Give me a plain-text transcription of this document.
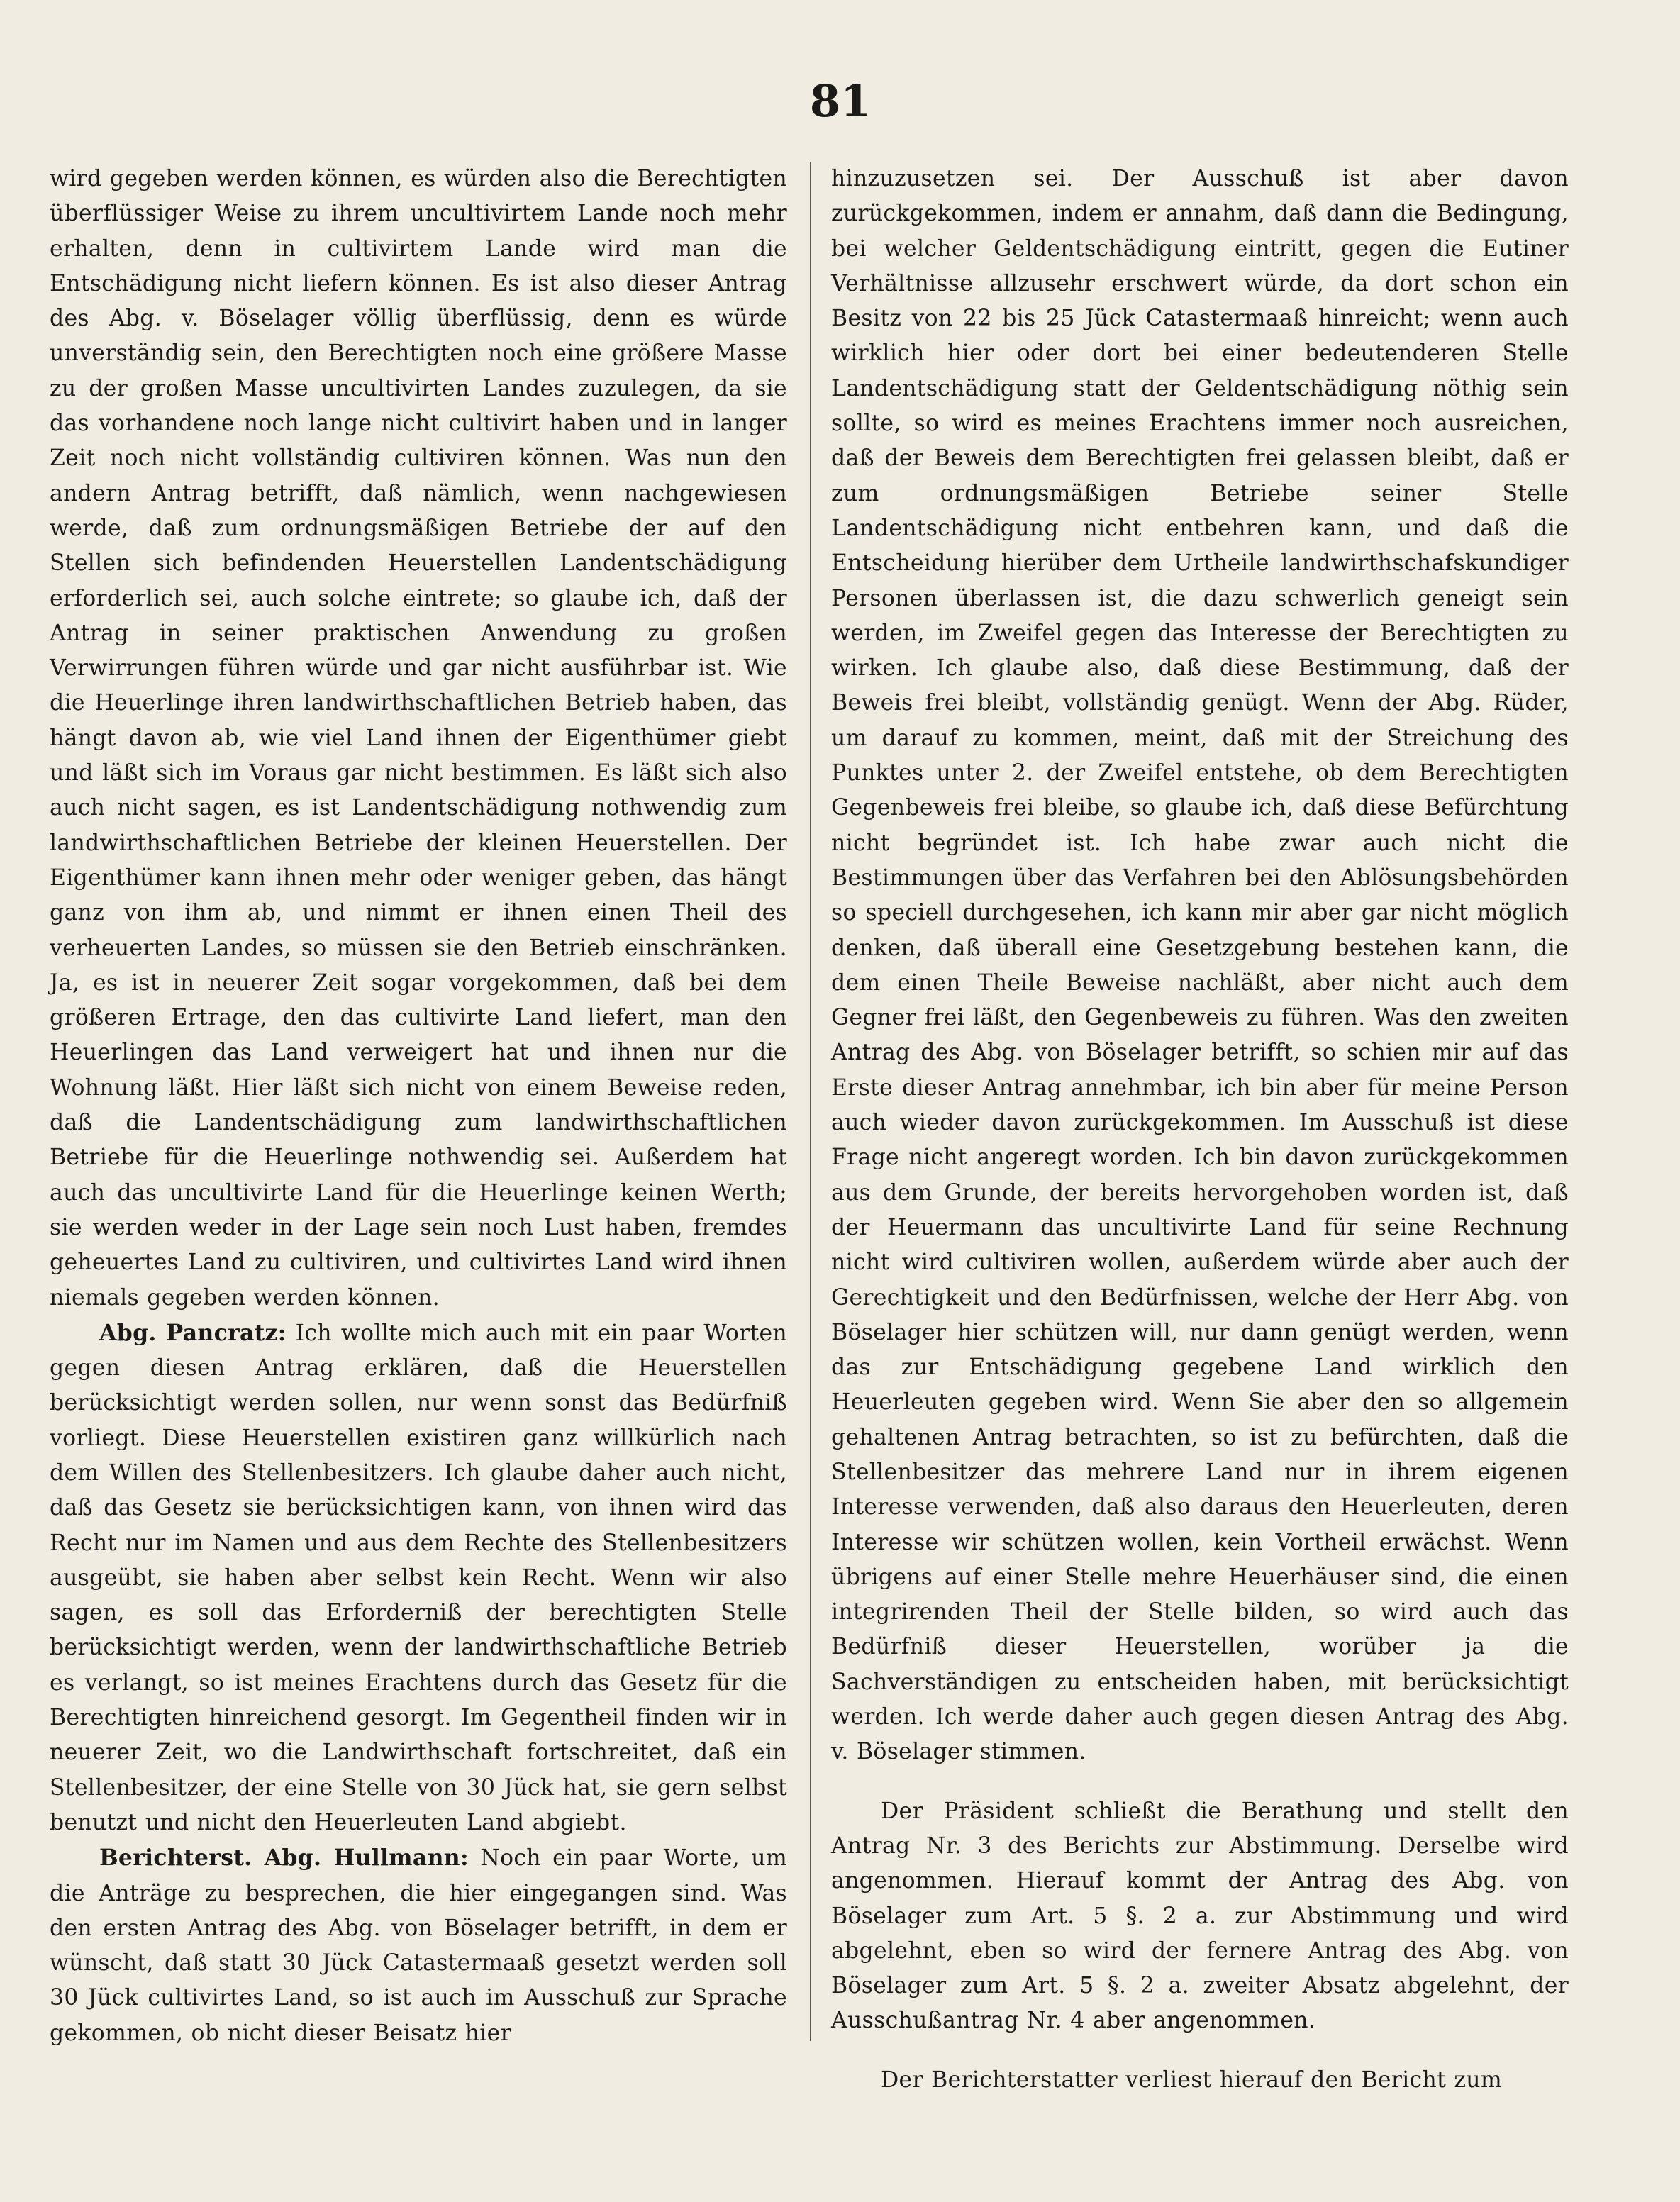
81

wird gegeben werden können, es würden also die Berechtigten überflüssiger Weise zu ihrem uncultivirtem Lande noch mehr erhalten, denn in cultivirtem Lande wird man die Entschädigung nicht liefern können. Es ist also dieser Antrag des Abg. v. Böselager völlig überflüssig, denn es würde unverständig sein, den Berechtigten noch eine größere Masse zu der großen Masse uncultivirten Landes zuzulegen, da sie das vorhandene noch lange nicht cultivirt haben und in langer Zeit noch nicht vollständig cultiviren können. Was nun den andern Antrag betrifft, daß nämlich, wenn nachgewiesen werde, daß zum ordnungsmäßigen Betriebe der auf den Stellen sich befindenden Heuerstellen Landentschädigung erforderlich sei, auch solche eintrete; so glaube ich, daß der Antrag in seiner praktischen Anwendung zu großen Verwirrungen führen würde und gar nicht ausführbar ist. Wie die Heuerlinge ihren landwirthschaftlichen Betrieb haben, das hängt davon ab, wie viel Land ihnen der Eigenthümer giebt und läßt sich im Voraus gar nicht bestimmen. Es läßt sich also auch nicht sagen, es ist Landentschädigung nothwendig zum landwirthschaftlichen Betriebe der kleinen Heuerstellen. Der Eigenthümer kann ihnen mehr oder weniger geben, das hängt ganz von ihm ab, und nimmt er ihnen einen Theil des verheuerten Landes, so müssen sie den Betrieb einschränken. Ja, es ist in neuerer Zeit sogar vorgekommen, daß bei dem größeren Ertrage, den das cultivirte Land liefert, man den Heuerlingen das Land verweigert hat und ihnen nur die Wohnung läßt. Hier läßt sich nicht von einem Beweise reden, daß die Landentschädigung zum landwirthschaftlichen Betriebe für die Heuerlinge nothwendig sei. Außerdem hat auch das uncultivirte Land für die Heuerlinge keinen Werth; sie werden weder in der Lage sein noch Lust haben, fremdes geheuertes Land zu cultiviren, und cultivirtes Land wird ihnen niemals gegeben werden können.

Abg. Pancratz: Ich wollte mich auch mit ein paar Worten gegen diesen Antrag erklären, daß die Heuerstellen berücksichtigt werden sollen, nur wenn sonst das Bedürfniß vorliegt. Diese Heuerstellen existiren ganz willkürlich nach dem Willen des Stellenbesitzers. Ich glaube daher auch nicht, daß das Gesetz sie berücksichtigen kann, von ihnen wird das Recht nur im Namen und aus dem Rechte des Stellenbesitzers ausgeübt, sie haben aber selbst kein Recht. Wenn wir also sagen, es soll das Erforderniß der berechtigten Stelle berücksichtigt werden, wenn der landwirthschaftliche Betrieb es verlangt, so ist meines Erachtens durch das Gesetz für die Berechtigten hinreichend gesorgt. Im Gegentheil finden wir in neuerer Zeit, wo die Landwirthschaft fortschreitet, daß ein Stellenbesitzer, der eine Stelle von 30 Jück hat, sie gern selbst benutzt und nicht den Heuerleuten Land abgiebt.

Berichterst. Abg. Hullmann: Noch ein paar Worte, um die Anträge zu besprechen, die hier eingegangen sind. Was den ersten Antrag des Abg. von Böselager betrifft, in dem er wünscht, daß statt 30 Jück Catastermaaß gesetzt werden soll 30 Jück cultivirtes Land, so ist auch im Ausschuß zur Sprache gekommen, ob nicht dieser Beisatz hier

hinzuzusetzen sei. Der Ausschuß ist aber davon zurückgekommen, indem er annahm, daß dann die Bedingung, bei welcher Geldentschädigung eintritt, gegen die Eutiner Verhältnisse allzusehr erschwert würde, da dort schon ein Besitz von 22 bis 25 Jück Catastermaaß hinreicht; wenn auch wirklich hier oder dort bei einer bedeutenderen Stelle Landentschädigung statt der Geldentschädigung nöthig sein sollte, so wird es meines Erachtens immer noch ausreichen, daß der Beweis dem Berechtigten frei gelassen bleibt, daß er zum ordnungsmäßigen Betriebe seiner Stelle Landentschädigung nicht entbehren kann, und daß die Entscheidung hierüber dem Urtheile landwirthschafskundiger Personen überlassen ist, die dazu schwerlich geneigt sein werden, im Zweifel gegen das Interesse der Berechtigten zu wirken. Ich glaube also, daß diese Bestimmung, daß der Beweis frei bleibt, vollständig genügt. Wenn der Abg. Rüder, um darauf zu kommen, meint, daß mit der Streichung des Punktes unter 2. der Zweifel entstehe, ob dem Berechtigten Gegenbeweis frei bleibe, so glaube ich, daß diese Befürchtung nicht begründet ist. Ich habe zwar auch nicht die Bestimmungen über das Verfahren bei den Ablösungsbehörden so speciell durchgesehen, ich kann mir aber gar nicht möglich denken, daß überall eine Gesetzgebung bestehen kann, die dem einen Theile Beweise nachläßt, aber nicht auch dem Gegner frei läßt, den Gegenbeweis zu führen. Was den zweiten Antrag des Abg. von Böselager betrifft, so schien mir auf das Erste dieser Antrag annehmbar, ich bin aber für meine Person auch wieder davon zurückgekommen. Im Ausschuß ist diese Frage nicht angeregt worden. Ich bin davon zurückgekommen aus dem Grunde, der bereits hervorgehoben worden ist, daß der Heuermann das uncultivirte Land für seine Rechnung nicht wird cultiviren wollen, außerdem würde aber auch der Gerechtigkeit und den Bedürfnissen, welche der Herr Abg. von Böselager hier schützen will, nur dann genügt werden, wenn das zur Entschädigung gegebene Land wirklich den Heuerleuten gegeben wird. Wenn Sie aber den so allgemein gehaltenen Antrag betrachten, so ist zu befürchten, daß die Stellenbesitzer das mehrere Land nur in ihrem eigenen Interesse verwenden, daß also daraus den Heuerleuten, deren Interesse wir schützen wollen, kein Vortheil erwächst. Wenn übrigens auf einer Stelle mehre Heuerhäuser sind, die einen integrirenden Theil der Stelle bilden, so wird auch das Bedürfniß dieser Heuerstellen, worüber ja die Sachverständigen zu entscheiden haben, mit berücksichtigt werden. Ich werde daher auch gegen diesen Antrag des Abg. v. Böselager stimmen.

Der Präsident schließt die Berathung und stellt den Antrag Nr. 3 des Berichts zur Abstimmung. Derselbe wird angenommen. Hierauf kommt der Antrag des Abg. von Böselager zum Art. 5 §. 2 a. zur Abstimmung und wird abgelehnt, eben so wird der fernere Antrag des Abg. von Böselager zum Art. 5 §. 2 a. zweiter Absatz abgelehnt, der Ausschußantrag Nr. 4 aber angenommen.

Der Berichterstatter verliest hierauf den Bericht zum
